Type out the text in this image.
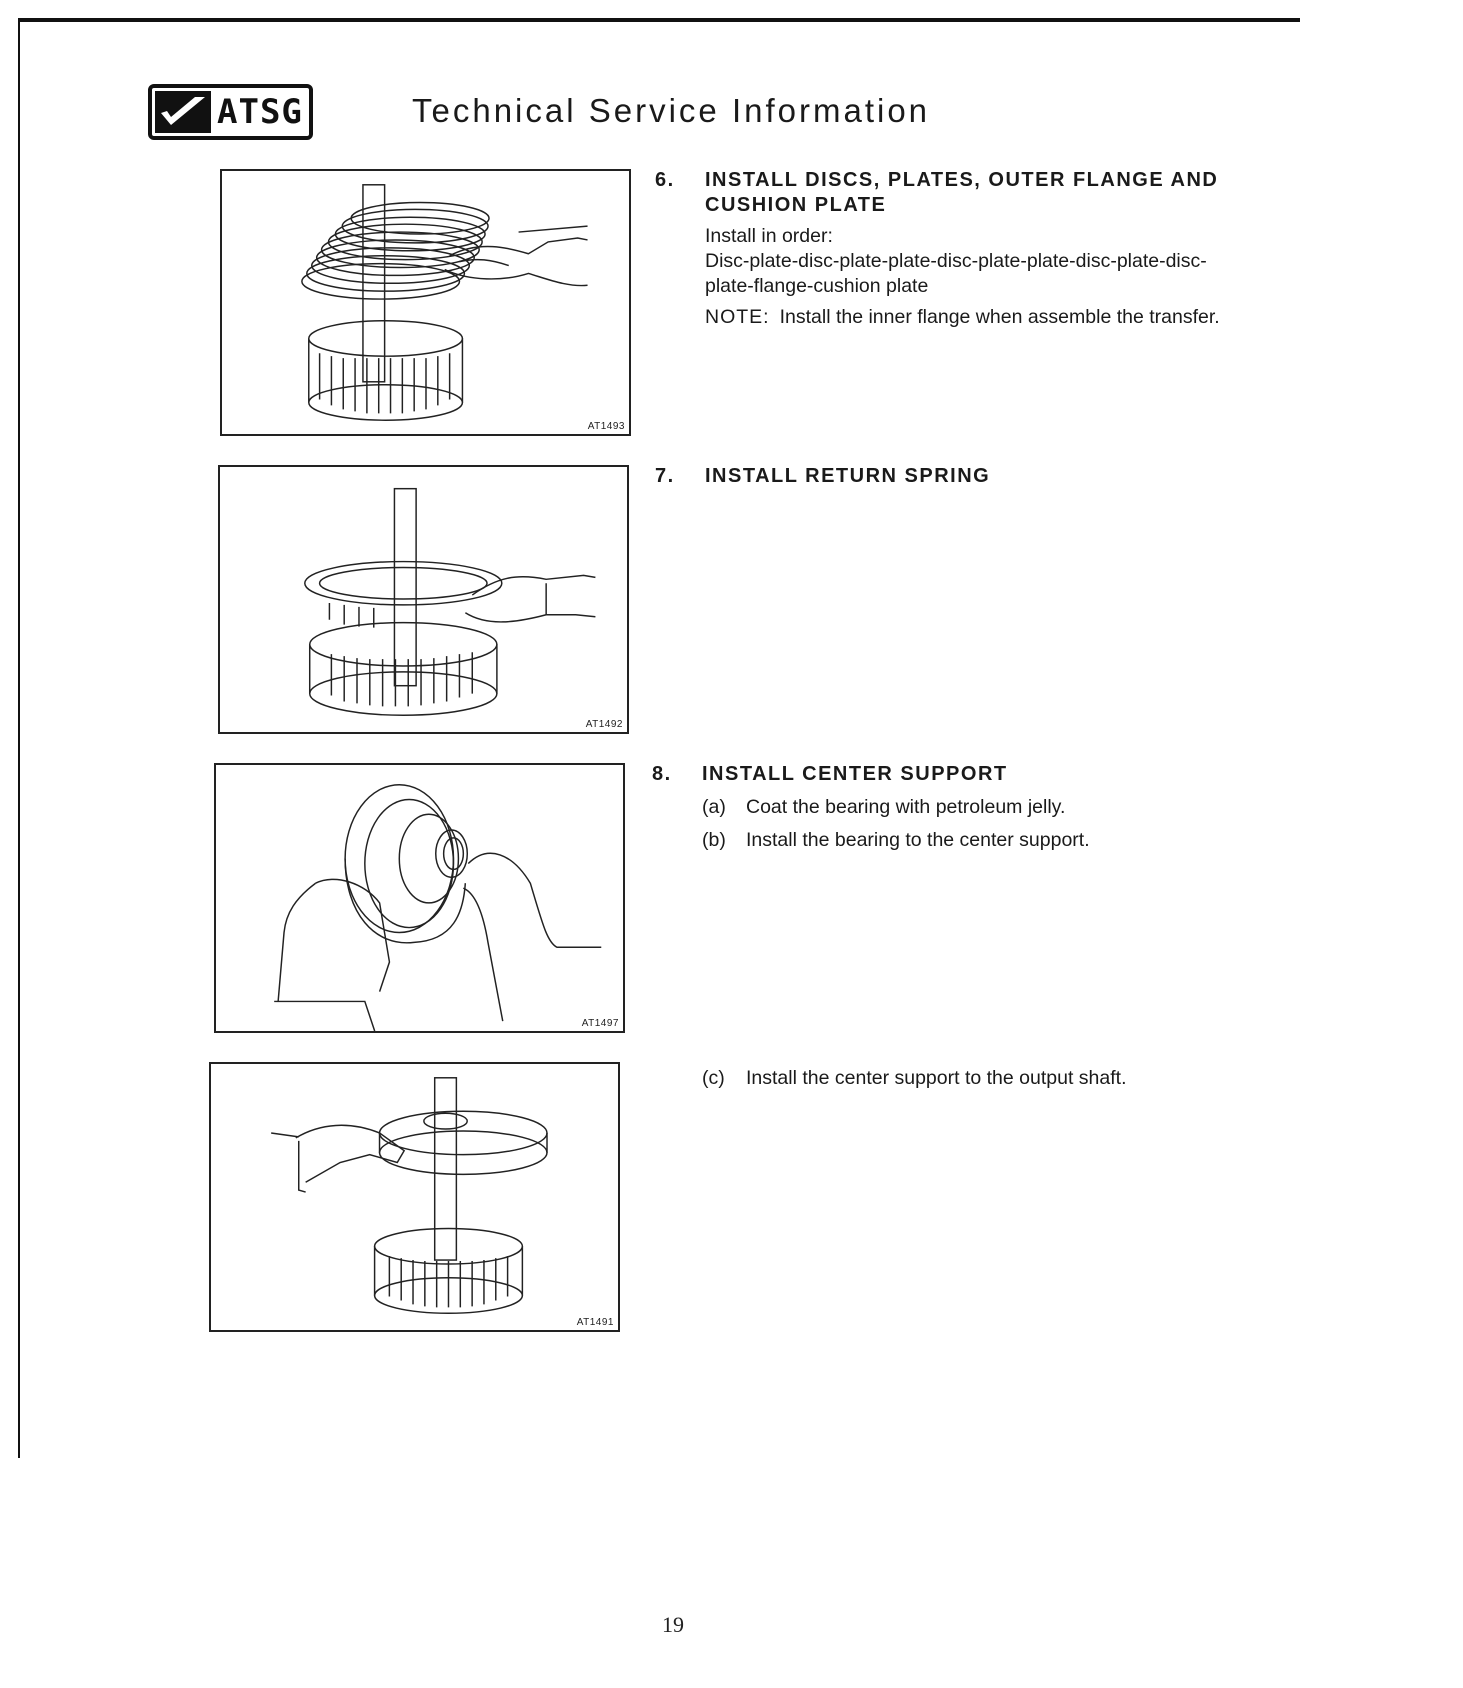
ATSG	Technical Service Information
AT1493
AT1492
AT1497
AT1491
6.	INSTALL DISCS, PLATES, OUTER FLANGE AND CUSHION PLATE
Install in order:
Disc-plate-disc-plate-plate-disc-plate-plate-disc-plate-disc-plate-flange-cushion plate
NOTE: Install the inner flange when assemble the transfer.
7.	INSTALL RETURN SPRING
8.	INSTALL CENTER SUPPORT
(a)	Coat the bearing with petroleum jelly.
(b)	Install the bearing to the center support.
(c)	Install the center support to the output shaft.
19
